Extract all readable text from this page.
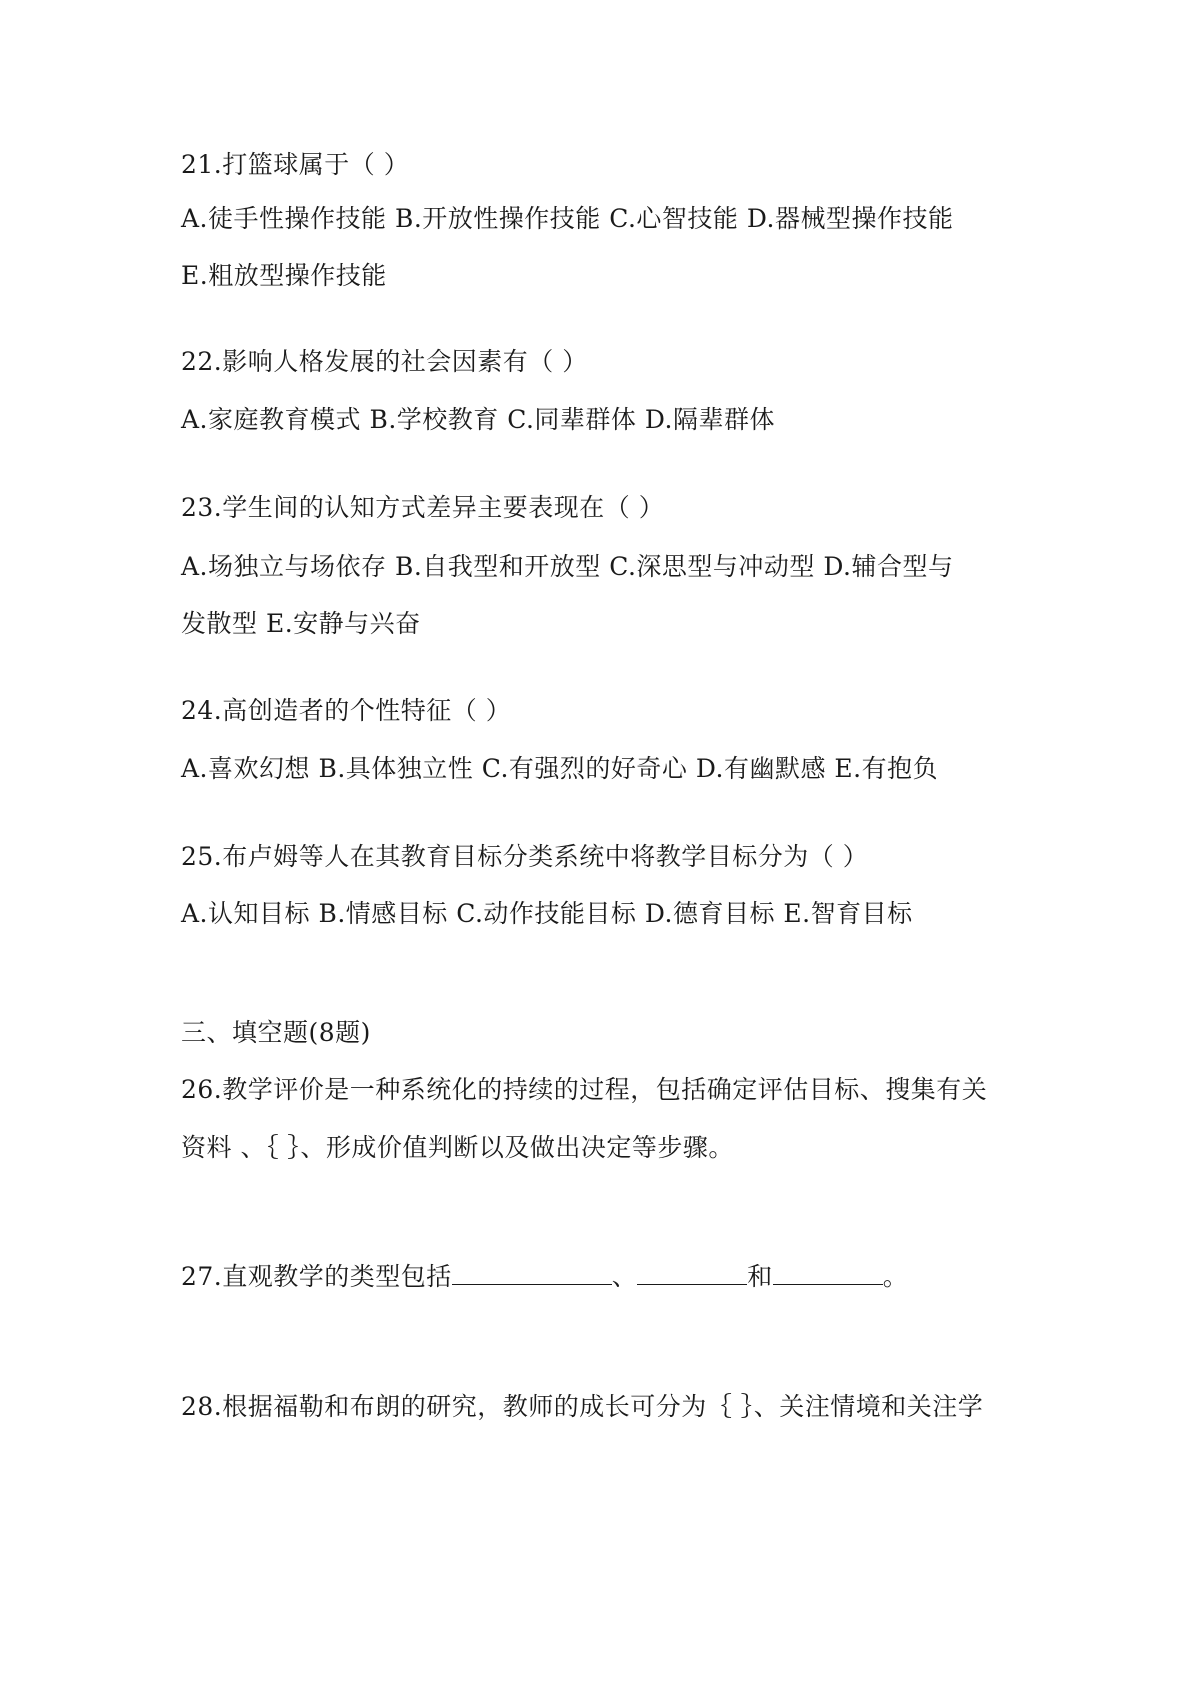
21.打篮球属于（ ）
A.徒手性操作技能 B.开放性操作技能 C.心智技能 D.器械型操作技能
E.粗放型操作技能
22.影响人格发展的社会因素有（ ）
A.家庭教育模式 B.学校教育 C.同辈群体 D.隔辈群体
23.学生间的认知方式差异主要表现在（ ）
A.场独立与场依存 B.自我型和开放型 C.深思型与冲动型 D.辅合型与
发散型 E.安静与兴奋
24.高创造者的个性特征（ ）
A.喜欢幻想 B.具体独立性 C.有强烈的好奇心 D.有幽默感 E.有抱负
25.布卢姆等人在其教育目标分类系统中将教学目标分为（ ）
A.认知目标 B.情感目标 C.动作技能目标 D.德育目标 E.智育目标
三、填空题(8题)
26.教学评价是一种系统化的持续的过程，包括确定评估目标、搜集有关
资料 、｛ ｝、形成价值判断以及做出决定等步骤。
27.直观教学的类型包括	、	和	。
28.根据福勒和布朗的研究，教师的成长可分为｛ ｝、关注情境和关注学
